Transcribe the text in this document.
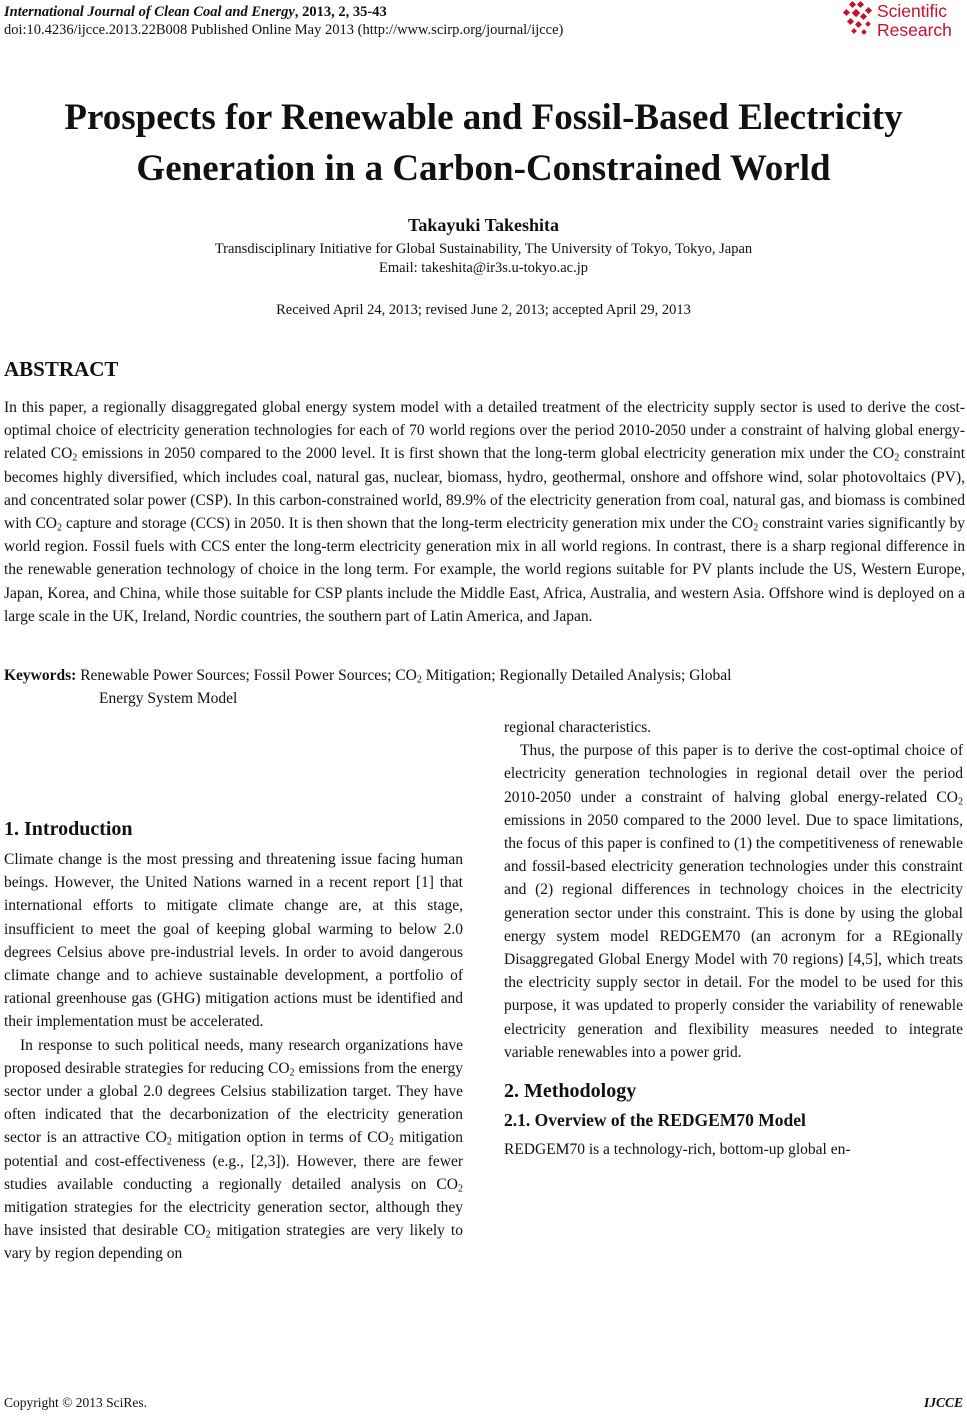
International Journal of Clean Coal and Energy, 2013, 2, 35-43
doi:10.4236/ijcce.2013.22B008 Published Online May 2013 (http://www.scirp.org/journal/ijcce)
Scientific
Research
Prospects for Renewable and Fossil-Based Electricity
Generation in a Carbon-Constrained World
Takayuki Takeshita
Transdisciplinary Initiative for Global Sustainability, The University of Tokyo, Tokyo, Japan
Email: takeshita@ir3s.u-tokyo.ac.jp
Received April 24, 2013; revised June 2, 2013; accepted April 29, 2013
ABSTRACT
In this paper, a regionally disaggregated global energy system model with a detailed treatment of the electricity supply sector is used to derive the cost-optimal choice of electricity generation technologies for each of 70 world regions over the period 2010-2050 under a constraint of halving global energy-related $CO_2$ emissions in 2050 compared to the 2000 level. It is first shown that the long-term global electricity generation mix under the $CO_2$ constraint becomes highly diversified, which includes coal, natural gas, nuclear, biomass, hydro, geothermal, onshore and offshore wind, solar photovoltaics (PV), and concentrated solar power (CSP). In this carbon-constrained world, 89.9% of the electricity generation from coal, natural gas, and biomass is combined with $CO_2$ capture and storage (CCS) in 2050. It is then shown that the long-term electricity generation mix under the $CO_2$ constraint varies significantly by world region. Fossil fuels with CCS enter the long-term electricity generation mix in all world regions. In contrast, there is a sharp regional difference in the renewable generation technology of choice in the long term. For example, the world regions suitable for PV plants include the US, Western Europe, Japan, Korea, and China, while those suitable for CSP plants include the Middle East, Africa, Australia, and western Asia. Offshore wind is deployed on a large scale in the UK, Ireland, Nordic countries, the southern part of Latin America, and Japan.
Keywords: Renewable Power Sources; Fossil Power Sources; $CO_2$ Mitigation; Regionally Detailed Analysis; Global
Energy System Model
1. Introduction

Climate change is the most pressing and threatening issue facing human beings. However, the United Nations warned in a recent report [1] that international efforts to mitigate climate change are, at this stage, insufficient to meet the goal of keeping global warming to below 2.0 degrees Celsius above pre-industrial levels. In order to avoid dangerous climate change and to achieve sustainable development, a portfolio of rational greenhouse gas (GHG) mitigation actions must be identified and their implementation must be accelerated.

In response to such political needs, many research organizations have proposed desirable strategies for reducing $CO_2$ emissions from the energy sector under a global 2.0 degrees Celsius stabilization target. They have often indicated that the decarbonization of the electricity generation sector is an attractive $CO_2$ mitigation option in terms of $CO_2$ mitigation potential and cost-effectiveness (e.g., [2,3]). However, there are fewer studies available conducting a regionally detailed analysis on $CO_2$ mitigation strategies for the electricity generation sector, although they have insisted that desirable $CO_2$ mitigation strategies are very likely to vary by region depending on

regional characteristics.

Thus, the purpose of this paper is to derive the cost-optimal choice of electricity generation technologies in regional detail over the period 2010-2050 under a constraint of halving global energy-related $CO_2$ emissions in 2050 compared to the 2000 level. Due to space limitations, the focus of this paper is confined to (1) the competitiveness of renewable and fossil-based electricity generation technologies under this constraint and (2) regional differences in technology choices in the electricity generation sector under this constraint. This is done by using the global energy system model REDGEM70 (an acronym for a REgionally Disaggregated Global Energy Model with 70 regions) [4,5], which treats the electricity supply sector in detail. For the model to be used for this purpose, it was updated to properly consider the variability of renewable electricity generation and flexibility measures needed to integrate variable renewables into a power grid.

2. Methodology
2.1. Overview of the REDGEM70 Model

REDGEM70 is a technology-rich, bottom-up global en-

Copyright © 2013 SciRes.	IJCCE
